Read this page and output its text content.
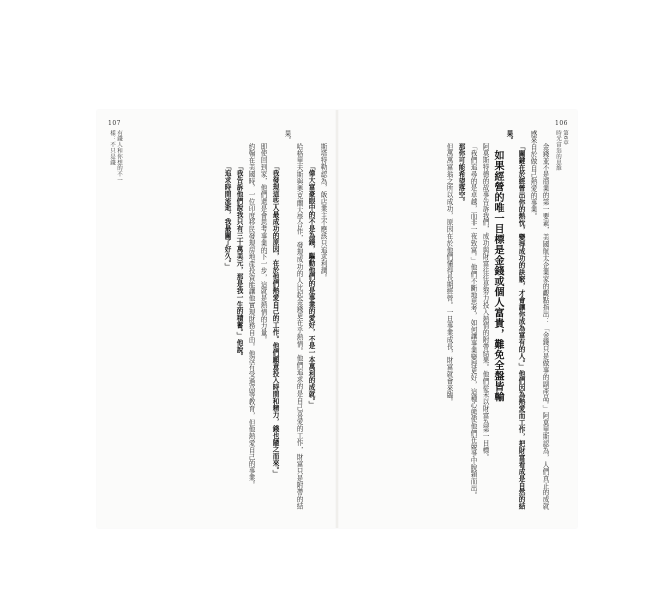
107
有錢人和你想的不一
樣：不只是錢	斯塔特勒認為，飯店業主不應該只追求利潤。

「偉大富豪眼中的不是為錢，驅動他們的是事業的愛好，不是一本萬利的成就。」

哈格里夫斯與奧克蘭大學合作，發現成功的人比起金錢更在乎熱情。他們追求的是自己喜愛的工作，財富只是附帶的結果。

「我發現這些人最成功的原因，在於他們熱愛自己的工作。他們願意投入時間和精力，錢也隨之而來。」

即使回到家，他們還是會思考事業的下一步，這就是熱情的力量。

約翰在美國時，一位印度移民發現房地產投資能讓他實現財務自由。他沒有受過高等教育，但他熱愛自己的事業。

「我告訴他們說我只有三十萬美元，那是我一生的積蓄。」他說。

「追求時間流逝，我最關了好久。」

106
第6章
時光富翁的思維

金錢並不是商業的第一要素，美國航太企業家的觀點指出：「金錢只是做事的副產品。」阿莫里斯認為，人們真正的成就感來自於做自己熱愛的事業。

「關鍵在於經營出你的熱忱，變得成功的訣竅，才會讓你成為富有的人。」他們因為熱愛而工作，把財富看成是自然的結果。

如果經營的唯一目標是金錢或個人富貴，難免全盤皆輸

阿莫斯特德的故事告訴我們，成功與財富往往是努力投入熱情的附帶結果。他們從未以財富為第一目標。

「我們追尋的是卓越，而非一夜致富。」他們不斷地思考，如何讓事業變得更好，這種心態使他們在競爭中脫穎而出。

那你可能希望落空。

但萬萬富翁之所以成功，原因在於他們懂得長期經營。一旦事業成長，財富就會來臨。
